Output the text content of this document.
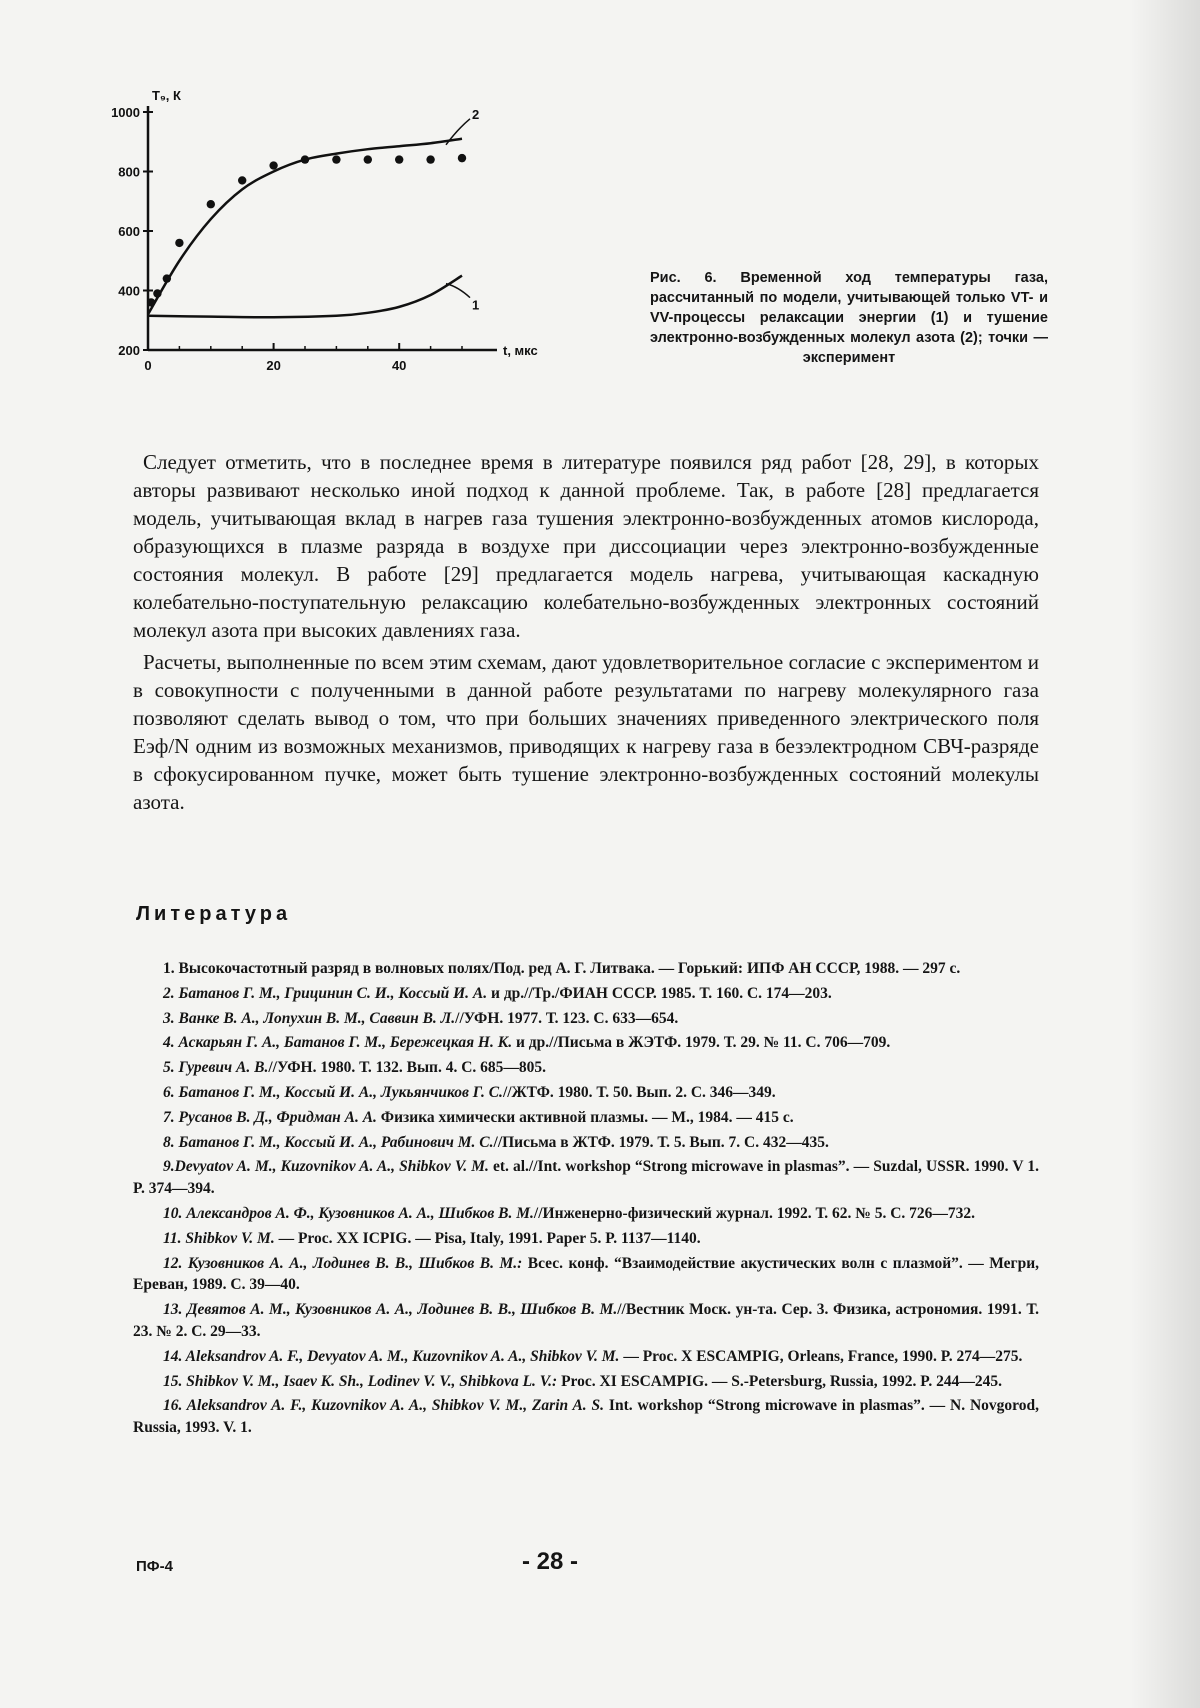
1000
800
600
400
200
0	20	40
T₉, К
t, мкс
1
2
Рис. 6. Временной ход температуры газа, рассчитанный по модели, учитывающей только VT- и VV-процессы релаксации энергии (1) и тушение электронно-возбужденных молекул азота (2); точки — эксперимент

Следует отметить, что в последнее время в литературе появился ряд работ [28, 29], в которых авторы развивают несколько иной подход к данной проблеме. Так, в работе [28] предлагается модель, учитывающая вклад в нагрев газа тушения электронно-возбужденных атомов кислорода, образующихся в плазме разряда в воздухе при диссоциации через электронно-возбужденные состояния молекул. В работе [29] предлагается модель нагрева, учитывающая каскадную колебательно-поступательную релаксацию колебательно-возбужденных электронных состояний молекул азота при высоких давлениях газа.

Расчеты, выполненные по всем этим схемам, дают удовлетворительное согласие с экспериментом и в совокупности с полученными в данной работе результатами по нагреву молекулярного газа позволяют сделать вывод о том, что при больших значениях приведенного электрического поля Eэф/N одним из возможных механизмов, приводящих к нагреву газа в безэлектродном СВЧ-разряде в сфокусированном пучке, может быть тушение электронно-возбужденных состояний молекулы азота.

Литература

1. Высокочастотный разряд в волновых полях/Под. ред А. Г. Литвака. — Горький: ИПФ АН СССР, 1988. — 297 с.

2. Батанов Г. М., Грицинин С. И., Коссый И. А. и др.//Тр./ФИАН СССР. 1985. Т. 160. С. 174—203.

3. Ванке В. А., Лопухин В. М., Саввин В. Л.//УФН. 1977. Т. 123. С. 633—654.

4. Аскарьян Г. А., Батанов Г. М., Бережецкая Н. К. и др.//Письма в ЖЭТФ. 1979. Т. 29. № 11. С. 706—709.

5. Гуревич А. В.//УФН. 1980. Т. 132. Вып. 4. С. 685—805.

6. Батанов Г. М., Коссый И. А., Лукьянчиков Г. С.//ЖТФ. 1980. Т. 50. Вып. 2. С. 346—349.

7. Русанов В. Д., Фридман А. А. Физика химически активной плазмы. — М., 1984. — 415 с.

8. Батанов Г. М., Коссый И. А., Рабинович М. С.//Письма в ЖТФ. 1979. Т. 5. Вып. 7. С. 432—435.

9.Devyatov A. M., Kuzovnikov A. A., Shibkov V. M. et. al.//Int. workshop “Strong microwave in plasmas”. — Suzdal, USSR. 1990. V 1. P. 374—394.

10. Александров А. Ф., Кузовников А. А., Шибков В. М.//Инженерно-физический журнал. 1992. Т. 62. № 5. С. 726—732.

11. Shibkov V. M. — Proc. XX ICPIG. — Pisa, Italy, 1991. Paper 5. P. 1137—1140.

12. Кузовников А. А., Лодинев В. В., Шибков В. М.: Всес. конф. “Взаимодействие акустических волн с плазмой”. — Мегри, Ереван, 1989. С. 39—40.

13. Девятов А. М., Кузовников А. А., Лодинев В. В., Шибков В. М.//Вестник Моск. ун-та. Сер. 3. Физика, астрономия. 1991. Т. 23. № 2. С. 29—33.

14. Aleksandrov A. F., Devyatov A. M., Kuzovnikov A. A., Shibkov V. M. — Proc. X ESCAMPIG, Orleans, France, 1990. P. 274—275.

15. Shibkov V. M., Isaev K. Sh., Lodinev V. V., Shibkova L. V.: Proc. XI ESCAMPIG. — S.-Petersburg, Russia, 1992. P. 244—245.

16. Aleksandrov A. F., Kuzovnikov A. A., Shibkov V. M., Zarin A. S. Int. workshop “Strong microwave in plasmas”. — N. Novgorod, Russia, 1993. V. 1.

ПФ-4	- 28 -
